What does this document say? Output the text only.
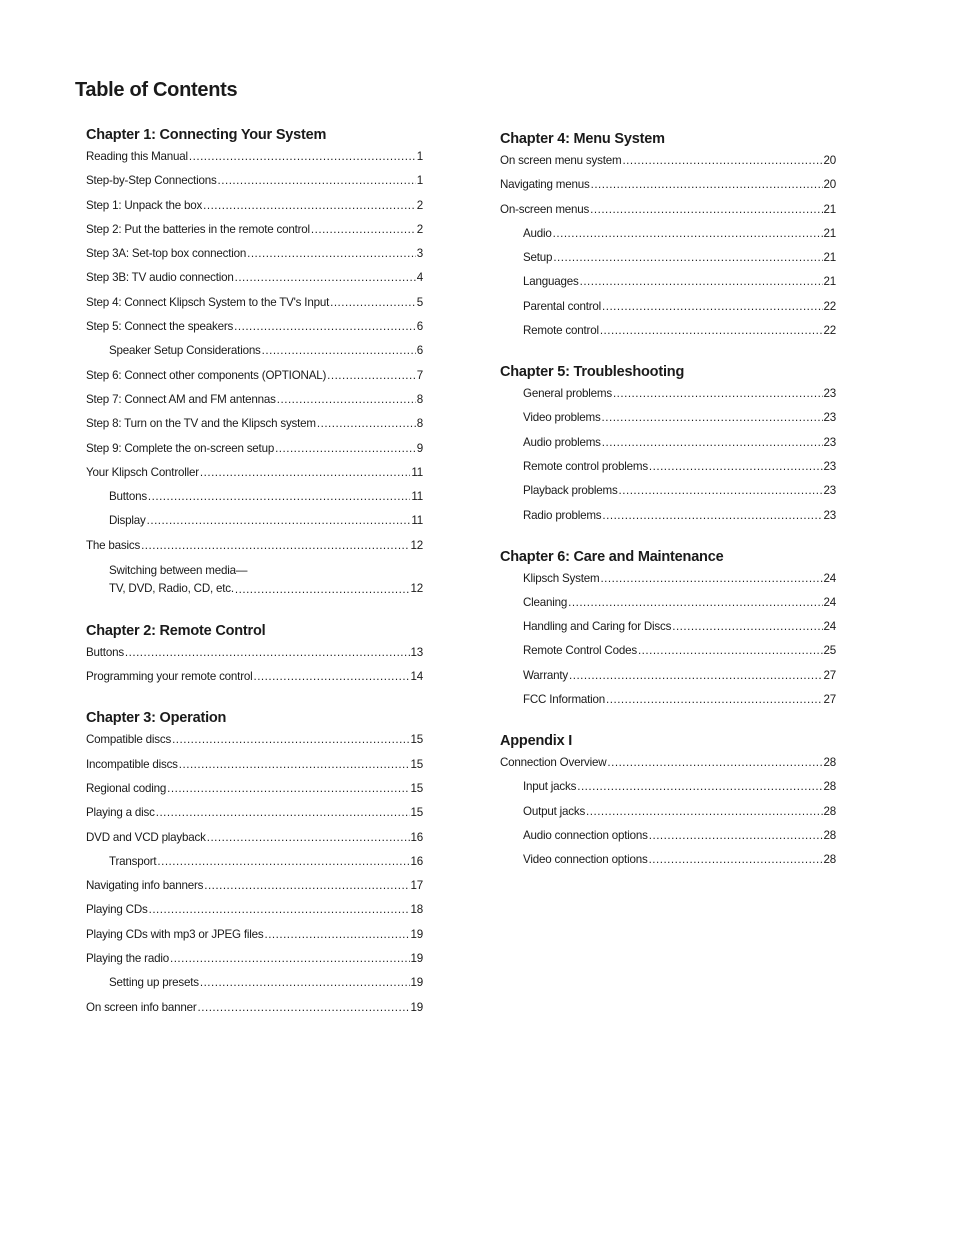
Table of Contents
Chapter 1: Connecting Your System
Reading this Manual .....	1
Step-by-Step Connections .....	1
Step 1: Unpack the box .....	2
Step 2: Put the batteries in the remote control .....	2
Step 3A: Set-top box connection .....	3
Step 3B: TV audio connection .....	4
Step 4: Connect Klipsch System to the TV's Input .....	5
Step 5: Connect the speakers .....	6
Speaker Setup Considerations .....	6
Step 6: Connect other components (OPTIONAL) .....	7
Step 7: Connect AM and FM antennas .....	8
Step 8: Turn on the TV and the Klipsch system .....	8
Step 9: Complete the on-screen setup .....	9
Your Klipsch Controller .....	11
Buttons .....	11
Display .....	11
The basics .....	12
Switching between media—
TV, DVD, Radio, CD, etc. .....	12
Chapter 2: Remote Control
Buttons .....	13
Programming your remote control .....	14
Chapter 3: Operation
Compatible discs .....	15
Incompatible discs .....	15
Regional coding .....	15
Playing a disc .....	15
DVD and VCD playback .....	16
Transport .....	16
Navigating info banners .....	17
Playing CDs .....	18
Playing CDs with mp3 or JPEG files .....	19
Playing the radio .....	19
Setting up presets .....	19
On screen info banner .....	19
Chapter 4: Menu System
On screen menu system .....	20
Navigating menus .....	20
On-screen menus .....	21
Audio .....	21
Setup .....	21
Languages .....	21
Parental control .....	22
Remote control .....	22
Chapter 5: Troubleshooting
General problems .....	23
Video problems .....	23
Audio problems .....	23
Remote control problems .....	23
Playback problems .....	23
Radio problems .....	23
Chapter 6: Care and Maintenance
Klipsch System .....	24
Cleaning .....	24
Handling and Caring for Discs .....	24
Remote Control Codes .....	25
Warranty .....	27
FCC Information .....	27
Appendix I
Connection Overview .....	28
Input jacks .....	28
Output jacks .....	28
Audio connection options .....	28
Video connection options .....	28
